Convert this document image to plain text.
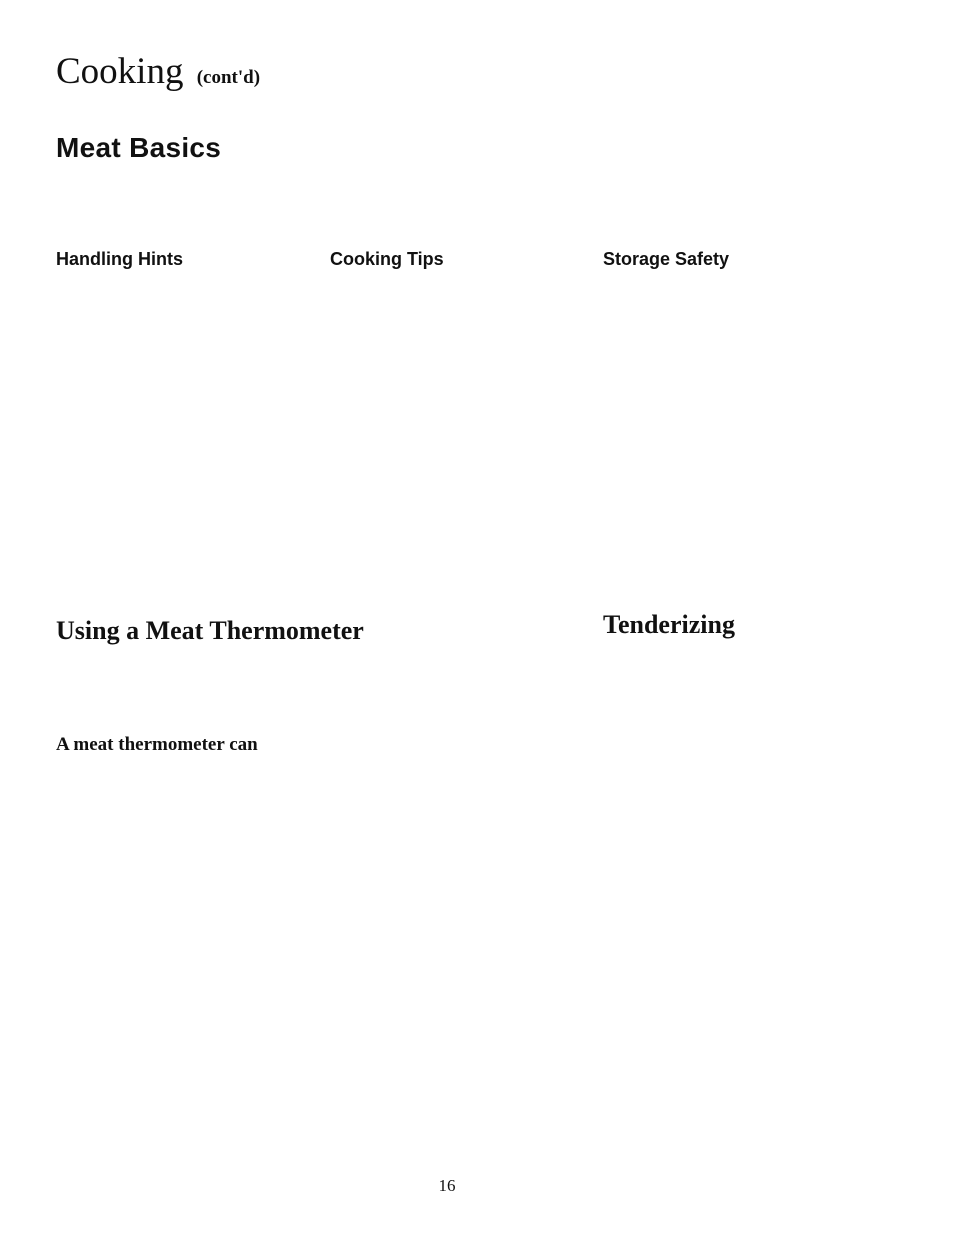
Cooking (cont'd)
Meat Basics
Handling Hints	Cooking Tips	Storage Safety
Using a Meat Thermometer	Tenderizing

A meat thermometer can

16
